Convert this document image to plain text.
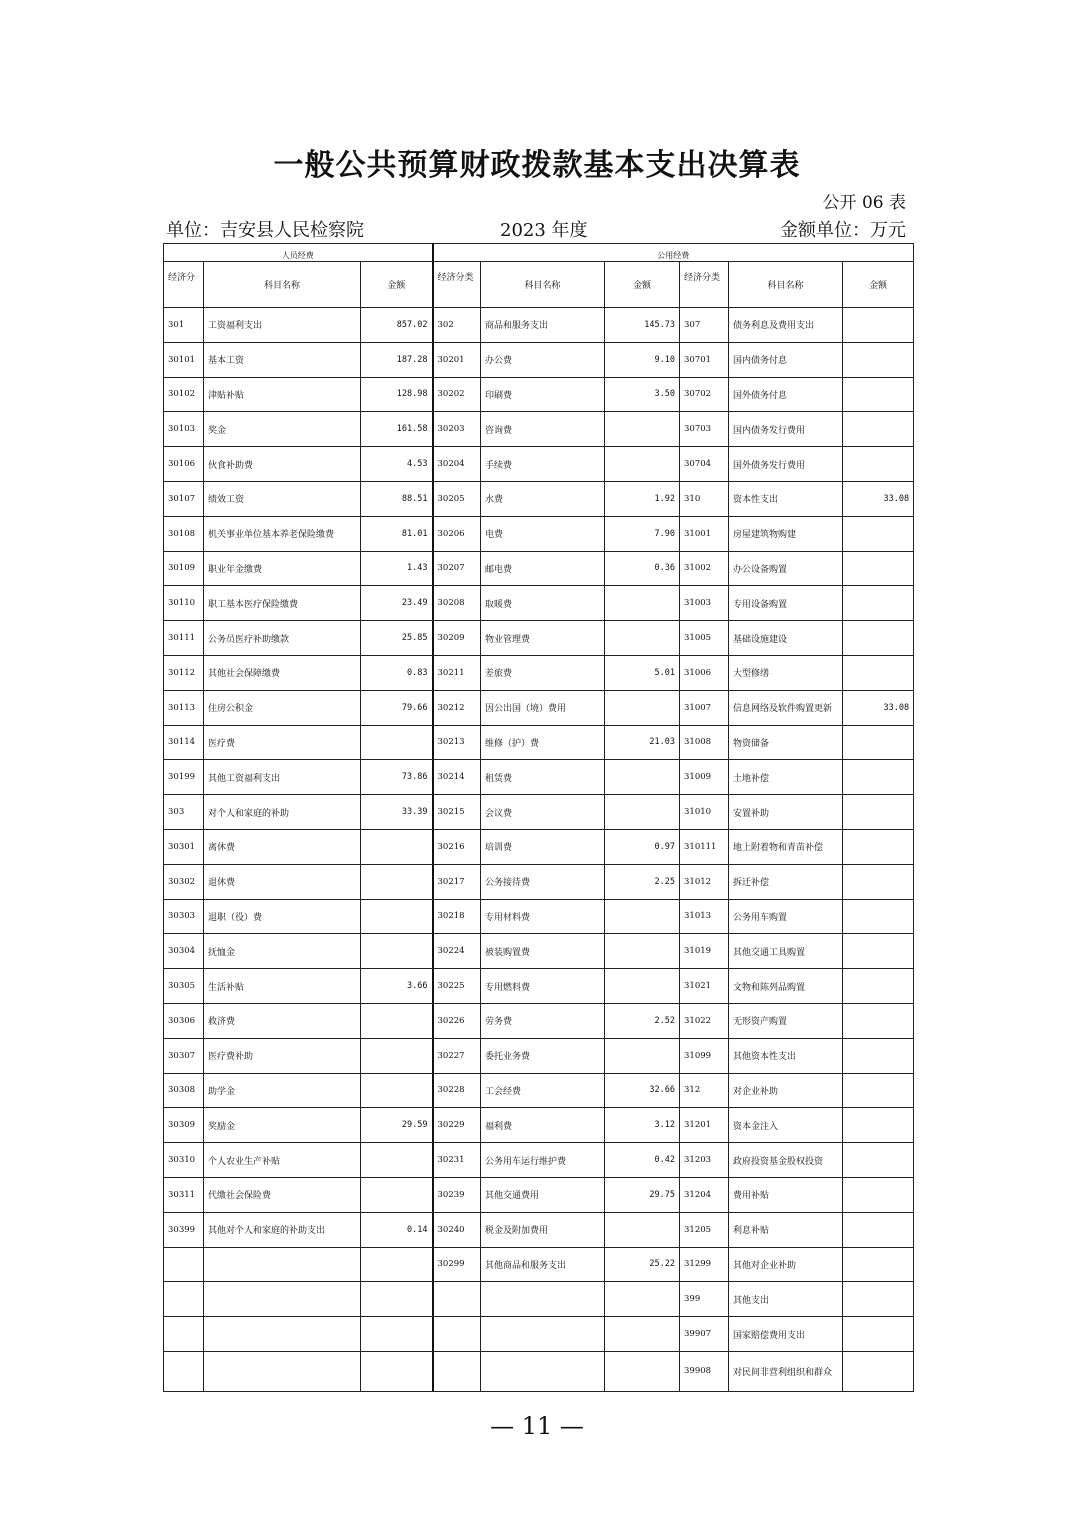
一般公共预算财政拨款基本支出决算表
公开 06 表
单位：吉安县人民检察院	2023 年度	金额单位：万元
人员经费			公用经费					
经济分	科目名称	金额	经济分类	科目名称	金额	经济分类	科目名称	金额
301	工资福利支出	857.02	302	商品和服务支出	145.73	307	债务利息及费用支出	
30101	基本工资	187.28	30201	办公费	9.10	30701	国内债务付息	
30102	津贴补贴	128.98	30202	印刷费	3.50	30702	国外债务付息	
30103	奖金	161.58	30203	咨询费		30703	国内债务发行费用	
30106	伙食补助费	4.53	30204	手续费		30704	国外债务发行费用	
30107	绩效工资	88.51	30205	水费	1.92	310	资本性支出	33.08
30108	机关事业单位基本养老保险缴费	81.01	30206	电费	7.90	31001	房屋建筑物购建	
30109	职业年金缴费	1.43	30207	邮电费	0.36	31002	办公设备购置	
30110	职工基本医疗保险缴费	23.49	30208	取暖费		31003	专用设备购置	
30111	公务员医疗补助缴款	25.85	30209	物业管理费		31005	基础设施建设	
30112	其他社会保障缴费	0.83	30211	差旅费	5.01	31006	大型修缮	
30113	住房公积金	79.66	30212	因公出国（境）费用		31007	信息网络及软件购置更新	33.08
30114	医疗费		30213	维修（护）费	21.03	31008	物资储备	
30199	其他工资福利支出	73.86	30214	租赁费		31009	土地补偿	
303	对个人和家庭的补助	33.39	30215	会议费		31010	安置补助	
30301	离休费		30216	培训费	0.97	310111	地上附着物和青苗补偿	
30302	退休费		30217	公务接待费	2.25	31012	拆迁补偿	
30303	退职（役）费		30218	专用材料费		31013	公务用车购置	
30304	抚恤金		30224	被装购置费		31019	其他交通工具购置	
30305	生活补贴	3.66	30225	专用燃料费		31021	文物和陈列品购置	
30306	救济费		30226	劳务费	2.52	31022	无形资产购置	
30307	医疗费补助		30227	委托业务费		31099	其他资本性支出	
30308	助学金		30228	工会经费	32.66	312	对企业补助	
30309	奖励金	29.59	30229	福利费	3.12	31201	资本金注入	
30310	个人农业生产补贴		30231	公务用车运行维护费	0.42	31203	政府投资基金股权投资	
30311	代缴社会保险费		30239	其他交通费用	29.75	31204	费用补贴	
30399	其他对个人和家庭的补助支出	0.14	30240	税金及附加费用		31205	利息补贴	
			30299	其他商品和服务支出	25.22	31299	其他对企业补助	
						399	其他支出	
						39907	国家赔偿费用支出	
						39908	对民间非营利组织和群众	
— 11 —
